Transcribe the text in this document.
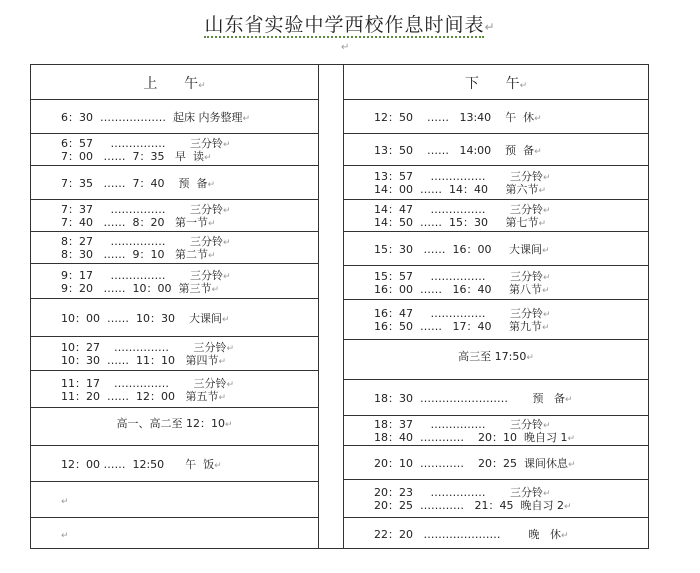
山东省实验中学西校作息时间表↵
↵
上      午↵
6：30  ………………  起床 内务整理↵
6：57     ……………       三分铃↵
7：00   ……  7：35   早  读↵
7：35   ……  7：40    预  备↵
7：37     ……………       三分铃↵
7：40   ……  8：20   第一节↵
8：27     ……………       三分铃↵
8：30   ……  9：10   第二节↵
9：17     ……………       三分铃↵
9：20   ……  10：00  第三节↵
10：00  ……  10：30    大课间↵
10：27    ……………       三分铃↵
10：30  ……  11：10   第四节↵
11：17    ……………       三分铃↵
11：20  ……  12：00   第五节↵
高一、高二至 12：10↵
12：00 ……  12:50      午  饭↵
↵
↵
下      午↵
12：50    ……   13:40    午  休↵
13：50    ……   14:00    预  备↵
13：57     ……………       三分铃↵
14：00  ……  14：40     第六节↵
14：47     ……………       三分铃↵
14：50  ……  15：30     第七节↵
15：30   ……  16：00     大课间↵
15：57     ……………       三分铃↵
16：00  ……   16：40     第八节↵
16：47     ……………       三分铃↵
16：50  ……   17：40     第九节↵
高三至 17:50↵
18：30  ……………………       预   备↵
18：37     ……………       三分铃↵
18：40  …………    20：10  晚自习 1↵
20：10  …………    20：25  课间休息↵
20：23     ……………       三分铃↵
20：25  …………   21：45  晚自习 2↵
22：20   …………………        晚   休↵
